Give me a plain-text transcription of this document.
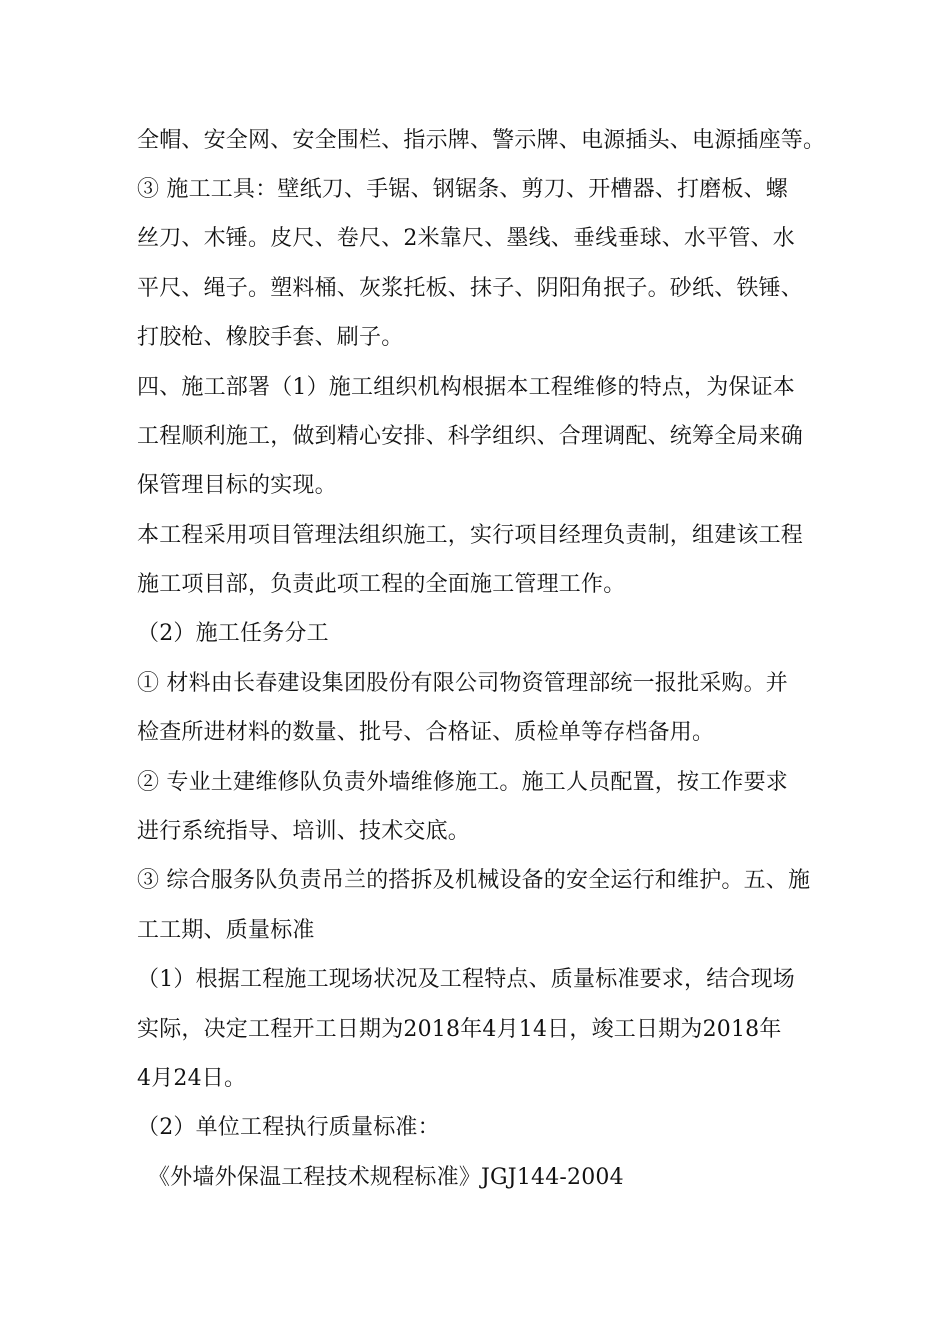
全帽、安全网、安全围栏、指示牌、警示牌、电源插头、电源插座等。
③ 施工工具：壁纸刀、手锯、钢锯条、剪刀、开槽器、打磨板、螺
丝刀、木锤。皮尺、卷尺、2米靠尺、墨线、垂线垂球、水平管、水
平尺、绳子。塑料桶、灰浆托板、抹子、阴阳角抿子。砂纸、铁锤、
打胶枪、橡胶手套、刷子。
四、施工部署（1）施工组织机构根据本工程维修的特点，为保证本
工程顺利施工，做到精心安排、科学组织、合理调配、统筹全局来确
保管理目标的实现。
本工程采用项目管理法组织施工，实行项目经理负责制，组建该工程
施工项目部，负责此项工程的全面施工管理工作。
（2）施工任务分工
① 材料由长春建设集团股份有限公司物资管理部统一报批采购。并
检查所进材料的数量、批号、合格证、质检单等存档备用。
② 专业土建维修队负责外墙维修施工。施工人员配置，按工作要求
进行系统指导、培训、技术交底。
③ 综合服务队负责吊兰的搭拆及机械设备的安全运行和维护。五、施
工工期、质量标准
（1）根据工程施工现场状况及工程特点、质量标准要求，结合现场
实际，决定工程开工日期为2018年4月14日，竣工日期为2018年
4月24日。
（2）单位工程执行质量标准：
《外墙外保温工程技术规程标准》JGJ144-2004
